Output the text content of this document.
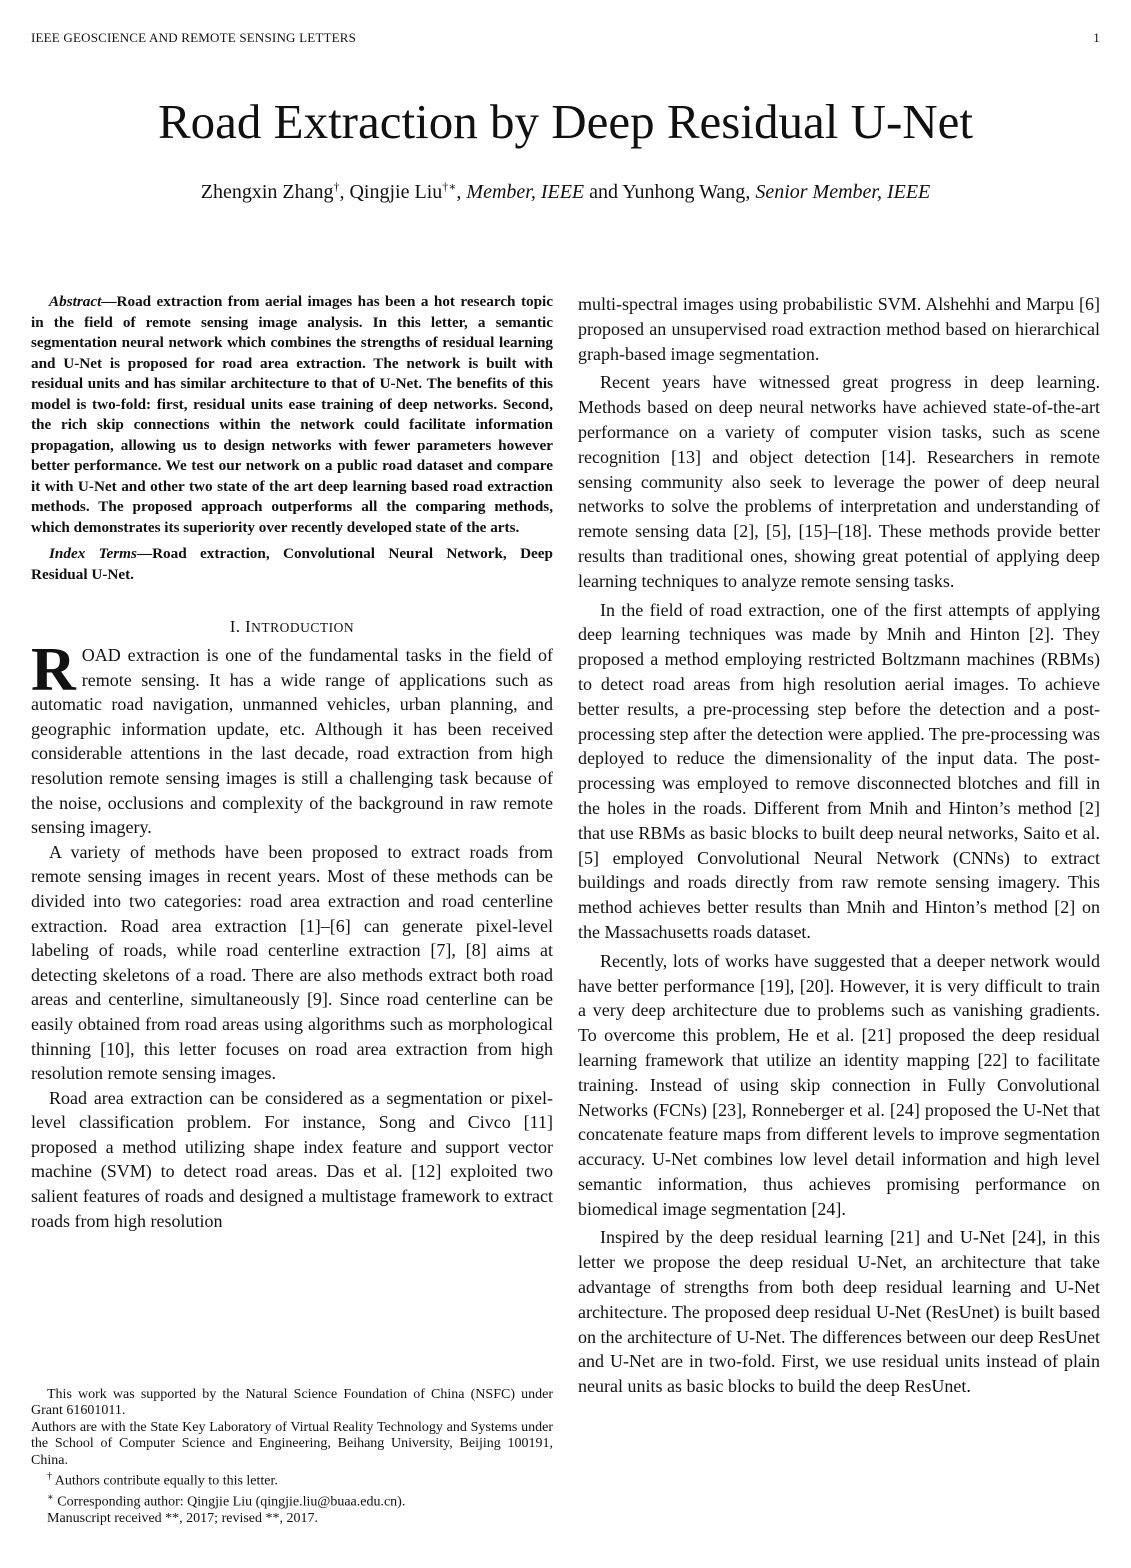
IEEE GEOSCIENCE AND REMOTE SENSING LETTERS	1
Road Extraction by Deep Residual U-Net
Zhengxin Zhang†, Qingjie Liu†∗, Member, IEEE and Yunhong Wang, Senior Member, IEEE

Abstract—Road extraction from aerial images has been a hot research topic in the field of remote sensing image analysis. In this letter, a semantic segmentation neural network which combines the strengths of residual learning and U-Net is proposed for road area extraction. The network is built with residual units and has similar architecture to that of U-Net. The benefits of this model is two-fold: first, residual units ease training of deep networks. Second, the rich skip connections within the network could facilitate information propagation, allowing us to design networks with fewer parameters however better performance. We test our network on a public road dataset and compare it with U-Net and other two state of the art deep learning based road extraction methods. The proposed approach outperforms all the comparing methods, which demonstrates its superiority over recently developed state of the arts.

Index Terms—Road extraction, Convolutional Neural Network, Deep Residual U-Net.

I. INTRODUCTION

ROAD extraction is one of the fundamental tasks in the field of remote sensing. It has a wide range of applications such as automatic road navigation, unmanned vehicles, urban planning, and geographic information update, etc. Although it has been received considerable attentions in the last decade, road extraction from high resolution remote sensing images is still a challenging task because of the noise, occlusions and complexity of the background in raw remote sensing imagery.

A variety of methods have been proposed to extract roads from remote sensing images in recent years. Most of these methods can be divided into two categories: road area extraction and road centerline extraction. Road area extraction [1]–[6] can generate pixel-level labeling of roads, while road centerline extraction [7], [8] aims at detecting skeletons of a road. There are also methods extract both road areas and centerline, simultaneously [9]. Since road centerline can be easily obtained from road areas using algorithms such as morphological thinning [10], this letter focuses on road area extraction from high resolution remote sensing images.

Road area extraction can be considered as a segmentation or pixel-level classification problem. For instance, Song and Civco [11] proposed a method utilizing shape index feature and support vector machine (SVM) to detect road areas. Das et al. [12] exploited two salient features of roads and designed a multistage framework to extract roads from high resolution

multi-spectral images using probabilistic SVM. Alshehhi and Marpu [6] proposed an unsupervised road extraction method based on hierarchical graph-based image segmentation.

Recent years have witnessed great progress in deep learning. Methods based on deep neural networks have achieved state-of-the-art performance on a variety of computer vision tasks, such as scene recognition [13] and object detection [14]. Researchers in remote sensing community also seek to leverage the power of deep neural networks to solve the problems of interpretation and understanding of remote sensing data [2], [5], [15]–[18]. These methods provide better results than traditional ones, showing great potential of applying deep learning techniques to analyze remote sensing tasks.

In the field of road extraction, one of the first attempts of applying deep learning techniques was made by Mnih and Hinton [2]. They proposed a method employing restricted Boltzmann machines (RBMs) to detect road areas from high resolution aerial images. To achieve better results, a pre-processing step before the detection and a post-processing step after the detection were applied. The pre-processing was deployed to reduce the dimensionality of the input data. The post-processing was employed to remove disconnected blotches and fill in the holes in the roads. Different from Mnih and Hinton’s method [2] that use RBMs as basic blocks to built deep neural networks, Saito et al. [5] employed Convolutional Neural Network (CNNs) to extract buildings and roads directly from raw remote sensing imagery. This method achieves better results than Mnih and Hinton’s method [2] on the Massachusetts roads dataset.

Recently, lots of works have suggested that a deeper network would have better performance [19], [20]. However, it is very difficult to train a very deep architecture due to problems such as vanishing gradients. To overcome this problem, He et al. [21] proposed the deep residual learning framework that utilize an identity mapping [22] to facilitate training. Instead of using skip connection in Fully Convolutional Networks (FCNs) [23], Ronneberger et al. [24] proposed the U-Net that concatenate feature maps from different levels to improve segmentation accuracy. U-Net combines low level detail information and high level semantic information, thus achieves promising performance on biomedical image segmentation [24].

Inspired by the deep residual learning [21] and U-Net [24], in this letter we propose the deep residual U-Net, an architecture that take advantage of strengths from both deep residual learning and U-Net architecture. The proposed deep residual U-Net (ResUnet) is built based on the architecture of U-Net. The differences between our deep ResUnet and U-Net are in two-fold. First, we use residual units instead of plain neural units as basic blocks to build the deep ResUnet.

This work was supported by the Natural Science Foundation of China (NSFC) under Grant 61601011.

Authors are with the State Key Laboratory of Virtual Reality Technology and Systems under the School of Computer Science and Engineering, Beihang University, Beijing 100191, China.

† Authors contribute equally to this letter.

∗ Corresponding author: Qingjie Liu (qingjie.liu@buaa.edu.cn).

Manuscript received **, 2017; revised **, 2017.
